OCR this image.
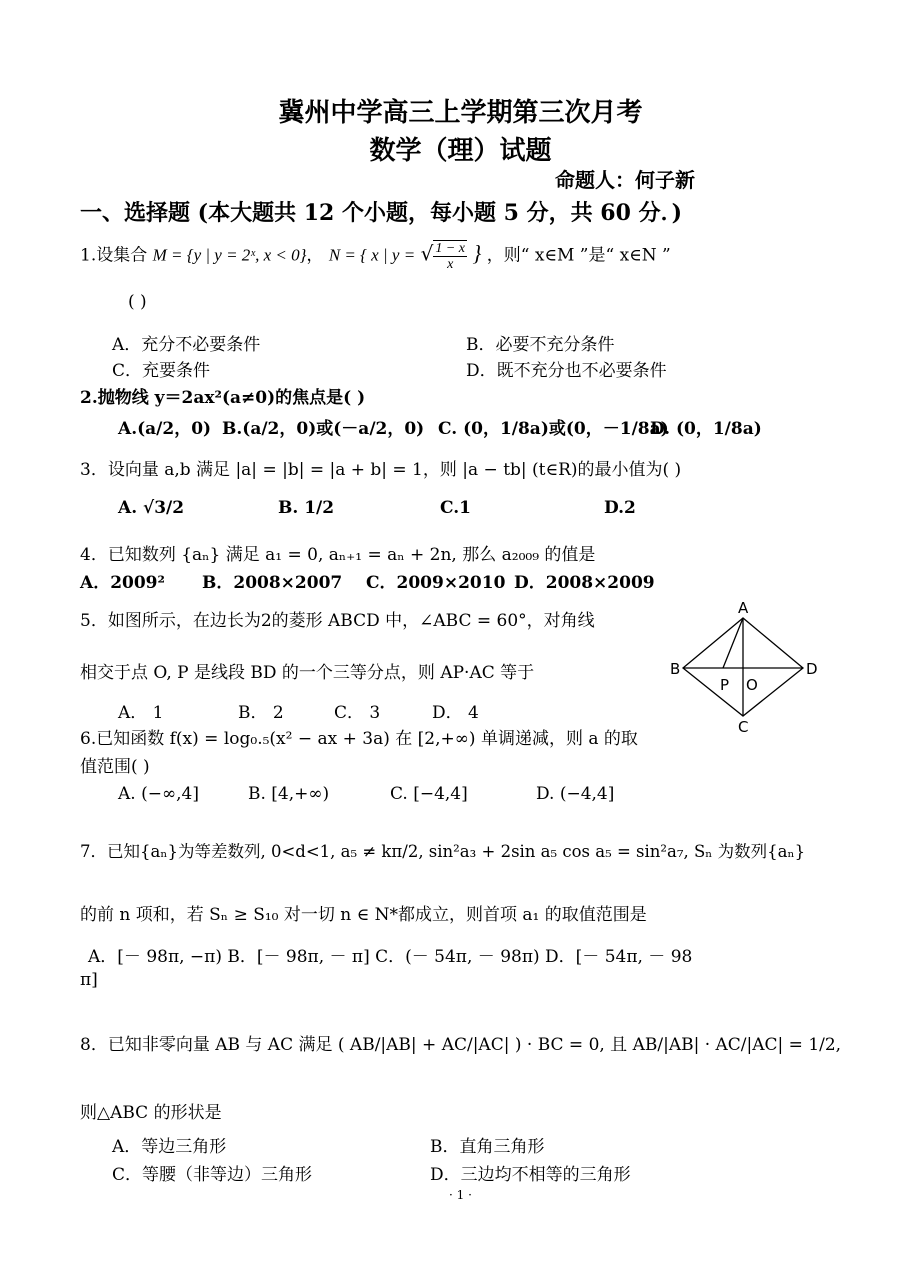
冀州中学高三上学期第三次月考
数学（理）试题
命题人：何子新
一、选择题 (本大题共 12 个小题，每小题 5 分，共 60 分．)
1.设集合 M = {y | y = 2ˣ, x < 0}， N = { x | y = √ $\frac{1 - x}{x}$ } ，则“ x∈M ”是“ x∈N ”
( )
A．充分不必要条件	B．必要不充分条件
C．充要条件	D．既不充分也不必要条件
2.抛物线 y＝2ax²(a≠0)的焦点是( )
A.(a/2，0) B.(a/2，0)或(－a/2，0) C. (0，1/8a)或(0，－1/8a)
D. (0，1/8a)
3．设向量 a,b 满足 |a| = |b| = |a + b| = 1，则 |a − tb| (t∈R)的最小值为( )
A. √3/2	B. 1/2	C.1	D.2
4．已知数列 {aₙ} 满足 a₁ = 0, aₙ₊₁ = aₙ + 2n, 那么 a₂₀₀₉ 的值是
A．2009² B．2008×2007 C．2009×2010 D．2008×2009
5．如图所示，在边长为2的菱形 ABCD 中，∠ABC = 60°，对角线
相交于点 O, P 是线段 BD 的一个三等分点，则 AP·AC 等于
A． 1	B． 2	C． 3	D． 4
A
B
C
D
P O
6.已知函数 f(x) = log₀.₅(x² − ax + 3a) 在 [2,+∞) 单调递减，则 a 的取
值范围( )
A. (−∞,4]	B. [4,+∞)	C. [−4,4]	D. (−4,4]
7．已知{aₙ}为等差数列, 0<d<1, a₅ ≠ kπ/2, sin²a₃ + 2sin a₅ cos a₅ = sin²a₇, Sₙ 为数列{aₙ}
的前 n 项和，若 Sₙ ≥ S₁₀ 对一切 n ∈ N*都成立，则首项 a₁ 的取值范围是
A．[－ 98π, −π) B．[－ 98π, － π] C．(－ 54π, － 98π) D．[－ 54π, － 98
π]
8．已知非零向量 AB 与 AC 满足 ( AB/|AB| + AC/|AC| ) · BC = 0, 且 AB/|AB| · AC/|AC| = 1/2,
则△ABC 的形状是
A．等边三角形	B．直角三角形
C．等腰（非等边）三角形	D．三边均不相等的三角形
· 1 ·
